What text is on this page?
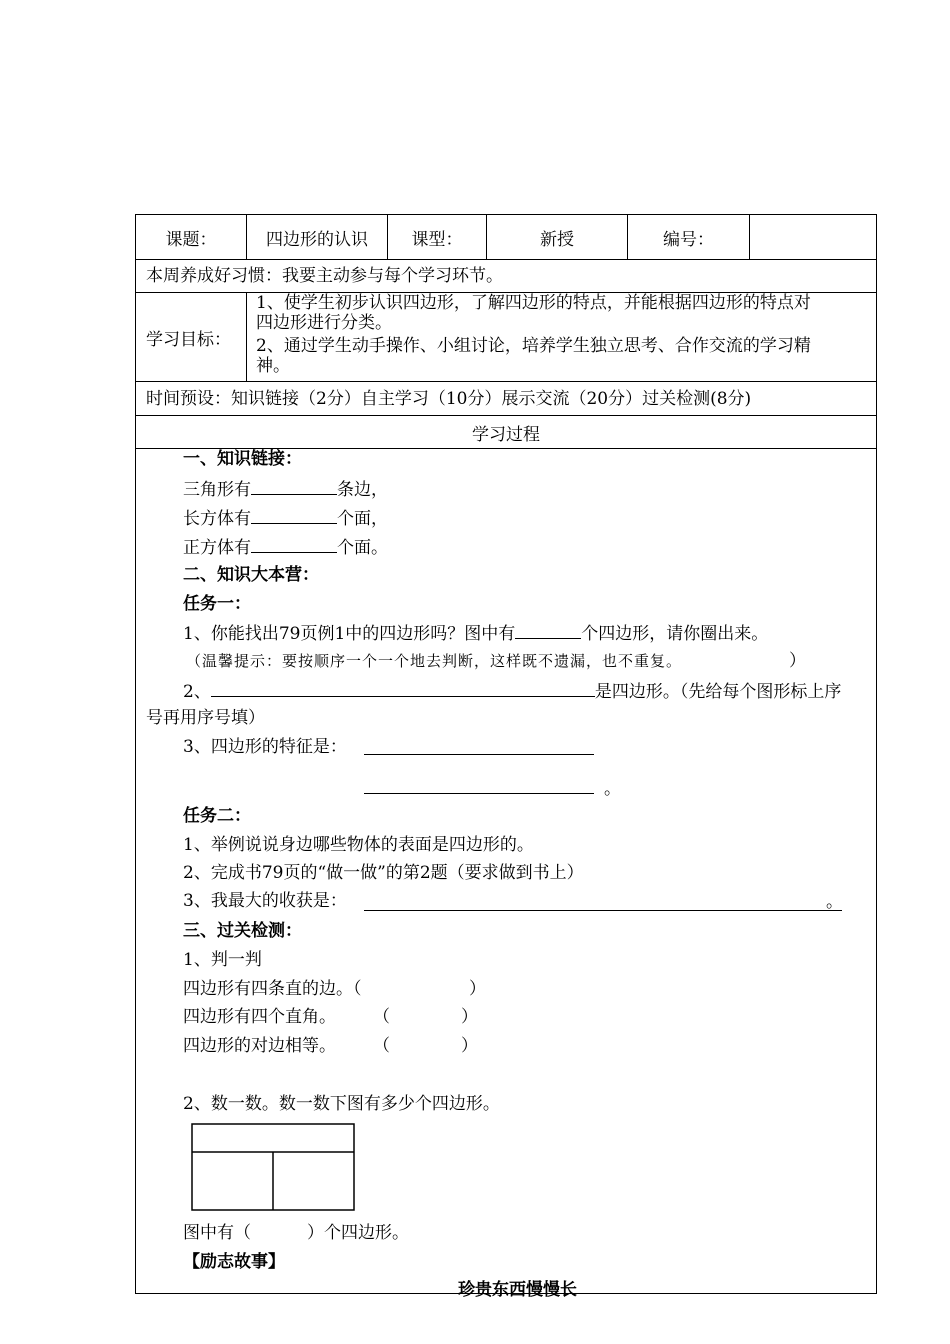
课题：	四边形的认识	课型：	新授	编号：
本周养成好习惯：我要主动参与每个学习环节。
学习目标：
1、使学生初步认识四边形，了解四边形的特点，并能根据四边形的特点对
四边形进行分类。
2、通过学生动手操作、小组讨论，培养学生独立思考、合作交流的学习精
神。
时间预设：知识链接（2分）自主学习（10分）展示交流（20分）过关检测(8分)
学习过程
一、知识链接：
三角形有	条边，
长方体有	个面，
正方体有	个面。
二、知识大本营：
任务一：
1、你能找出79页例1中的四边形吗？图中有	个四边形，请你圈出来。
（温馨提示：要按顺序一个一个地去判断，这样既不遗漏，也不重复。	）
2、	是四边形。（先给每个图形标上序
号再用序号填）
3、四边形的特征是：
。
任务二：
1、举例说说身边哪些物体的表面是四边形的。
2、完成书79页的“做一做”的第2题（要求做到书上）
3、我最大的收获是：	。
三、过关检测：
1、判一判
四边形有四条直的边。（	）
四边形有四个直角。 （	）
四边形的对边相等。 （	）
2、数一数。数一数下图有多少个四边形。
图中有（	）个四边形。
【励志故事】
珍贵东西慢慢长
